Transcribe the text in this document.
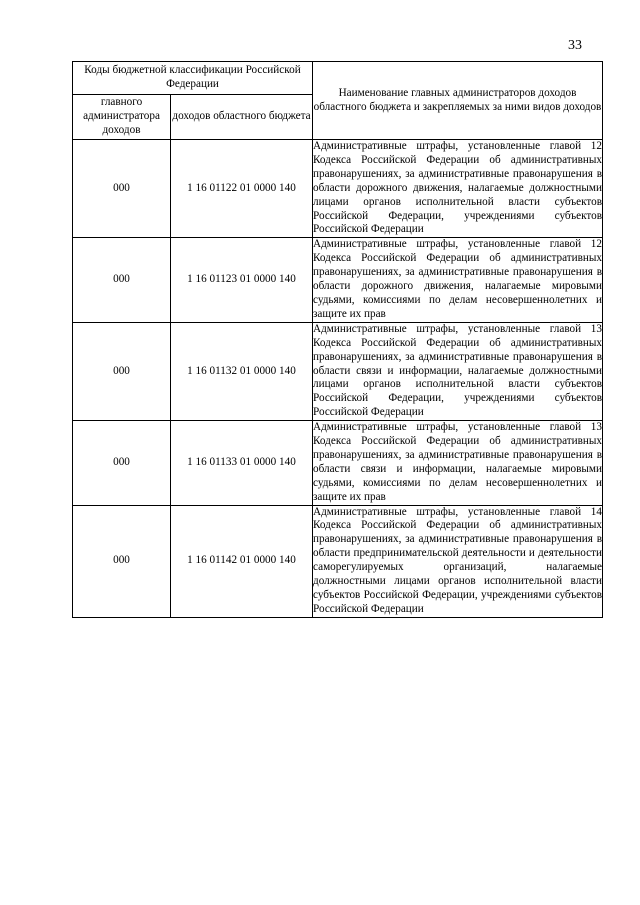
33
Коды бюджетной классификации Российской Федерации		Наименование главных администраторов доходов областного бюджета и закрепляемых за ними видов доходов
главного администратора доходов	доходов областного бюджета	
000	1 16 01122 01 0000 140	Административные штрафы, установленные главой 12 Кодекса Российской Федерации об административных правонарушениях, за административные правонарушения в области дорожного движения, налагаемые должностными лицами органов исполнительной власти субъектов Российской Федерации, учреждениями субъектов Российской Федерации
000	1 16 01123 01 0000 140	Административные штрафы, установленные главой 12 Кодекса Российской Федерации об административных правонарушениях, за административные правонарушения в области дорожного движения, налагаемые мировыми судьями, комиссиями по делам несовершеннолетних и защите их прав
000	1 16 01132 01 0000 140	Административные штрафы, установленные главой 13 Кодекса Российской Федерации об административных правонарушениях, за административные правонарушения в области связи и информации, налагаемые должностными лицами органов исполнительной власти субъектов Российской Федерации, учреждениями субъектов Российской Федерации
000	1 16 01133 01 0000 140	Административные штрафы, установленные главой 13 Кодекса Российской Федерации об административных правонарушениях, за административные правонарушения в области связи и информации, налагаемые мировыми судьями, комиссиями по делам несовершеннолетних и защите их прав
000	1 16 01142 01 0000 140	Административные штрафы, установленные главой 14 Кодекса Российской Федерации об административных правонарушениях, за административные правонарушения в области предпринимательской деятельности и деятельности саморегулируемых организаций, налагаемые должностными лицами органов исполнительной власти субъектов Российской Федерации, учреждениями субъектов Российской Федерации
